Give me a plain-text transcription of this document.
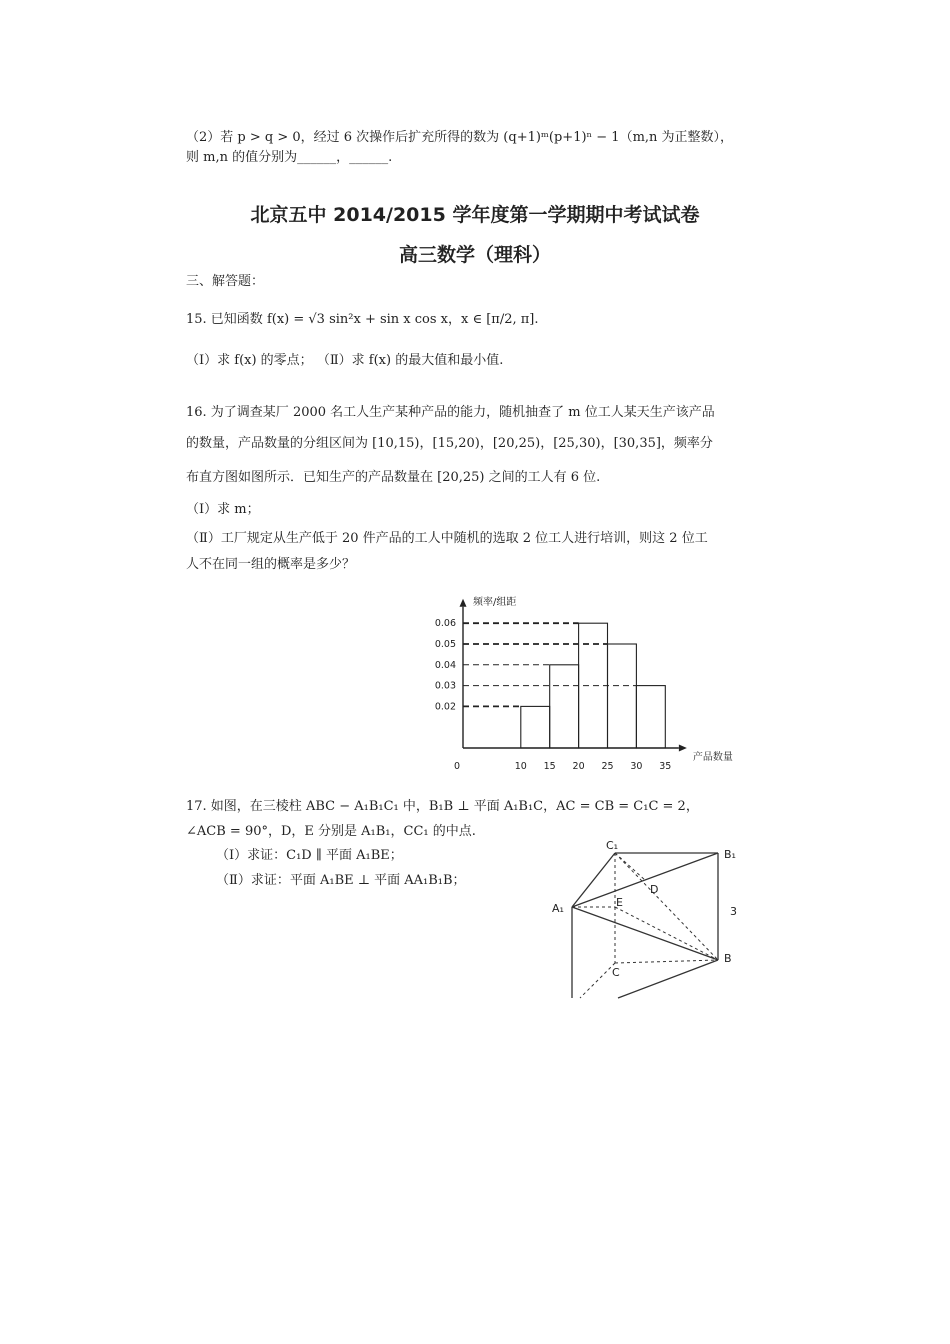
（2）若 p > q > 0，经过 6 次操作后扩充所得的数为 (q+1)ᵐ(p+1)ⁿ − 1（m,n 为正整数），
则 m,n 的值分别为______，______.
北京五中 2014/2015 学年度第一学期期中考试试卷
高三数学（理科）
三、解答题：
15. 已知函数 f(x) = √3 sin²x + sin x cos x，x ∈ [π/2, π].
（Ⅰ）求 f(x) 的零点； （Ⅱ）求 f(x) 的最大值和最小值.
16. 为了调查某厂 2000 名工人生产某种产品的能力，随机抽查了 m 位工人某天生产该产品
的数量，产品数量的分组区间为 [10,15)，[15,20)，[20,25)，[25,30)，[30,35]，频率分
布直方图如图所示．已知生产的产品数量在 [20,25) 之间的工人有 6 位.
（Ⅰ）求 m；
（Ⅱ）工厂规定从生产低于 20 件产品的工人中随机的选取 2 位工人进行培训，则这 2 位工
人不在同一组的概率是多少？
10 15 20 25 30 35
0
0.02
0.03
0.04
0.05
0.06
频率/组距
产品数量
17. 如图，在三棱柱 ABC − A₁B₁C₁ 中，B₁B ⊥ 平面 A₁B₁C，AC = CB = C₁C = 2，
∠ACB = 90°，D，E 分别是 A₁B₁，CC₁ 的中点.
（Ⅰ）求证：C₁D ∥ 平面 A₁BE；
（Ⅱ）求证：平面 A₁BE ⊥ 平面 AA₁B₁B；
C₁
B₁
A₁
D
E
B
C
3
